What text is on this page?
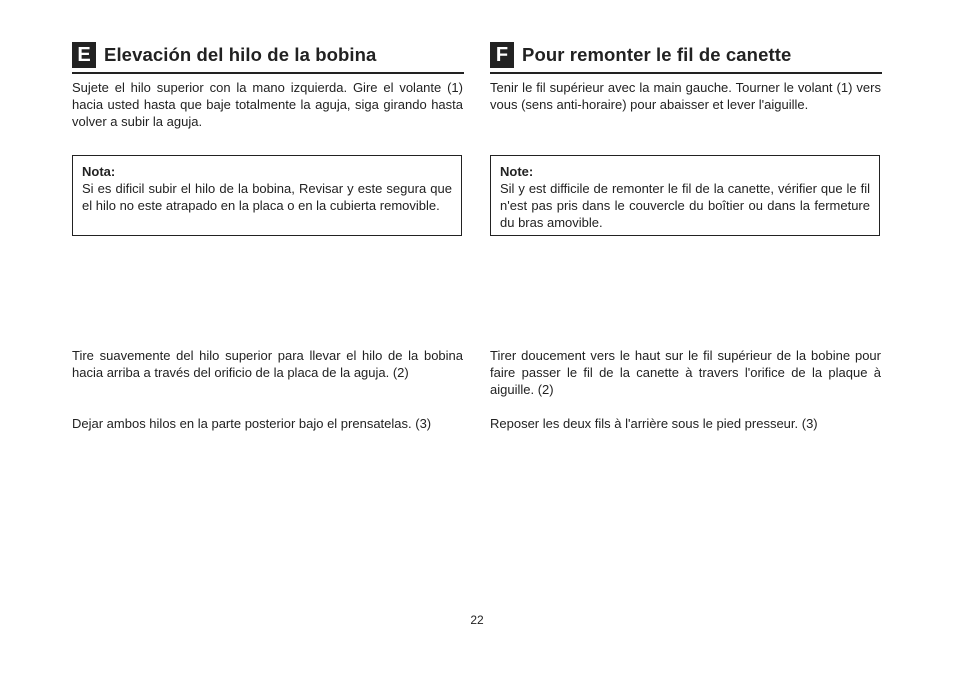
E Elevación del hilo de la bobina

Sujete el hilo superior con la mano izquierda. Gire el volante (1) hacia usted hasta que baje totalmente la aguja, siga girando hasta volver a subir la aguja.

Nota:

Si es dificil subir el hilo de la bobina, Revisar y este segura que el hilo no este atrapado en la placa o en la cubierta removible.

Tire suavemente del hilo superior para llevar el hilo de la bobina hacia arriba a través del orificio de la placa de la aguja. (2)

Dejar ambos hilos en la parte posterior bajo el prensatelas. (3)

F Pour remonter le fil de canette

Tenir le fil supérieur avec la main gauche. Tourner le volant (1) vers vous (sens anti-horaire) pour abaisser et lever l'aiguille.

Note:

Sil y est difficile de remonter le fil de la canette, vérifier que le fil n'est pas pris dans le couvercle du boîtier ou dans la fermeture du bras amovible.

Tirer doucement vers le haut sur le fil supérieur de la bobine pour faire passer le fil de la canette à travers l'orifice de la plaque à aiguille. (2)

Reposer les deux fils à l'arrière sous le pied presseur. (3)

22
